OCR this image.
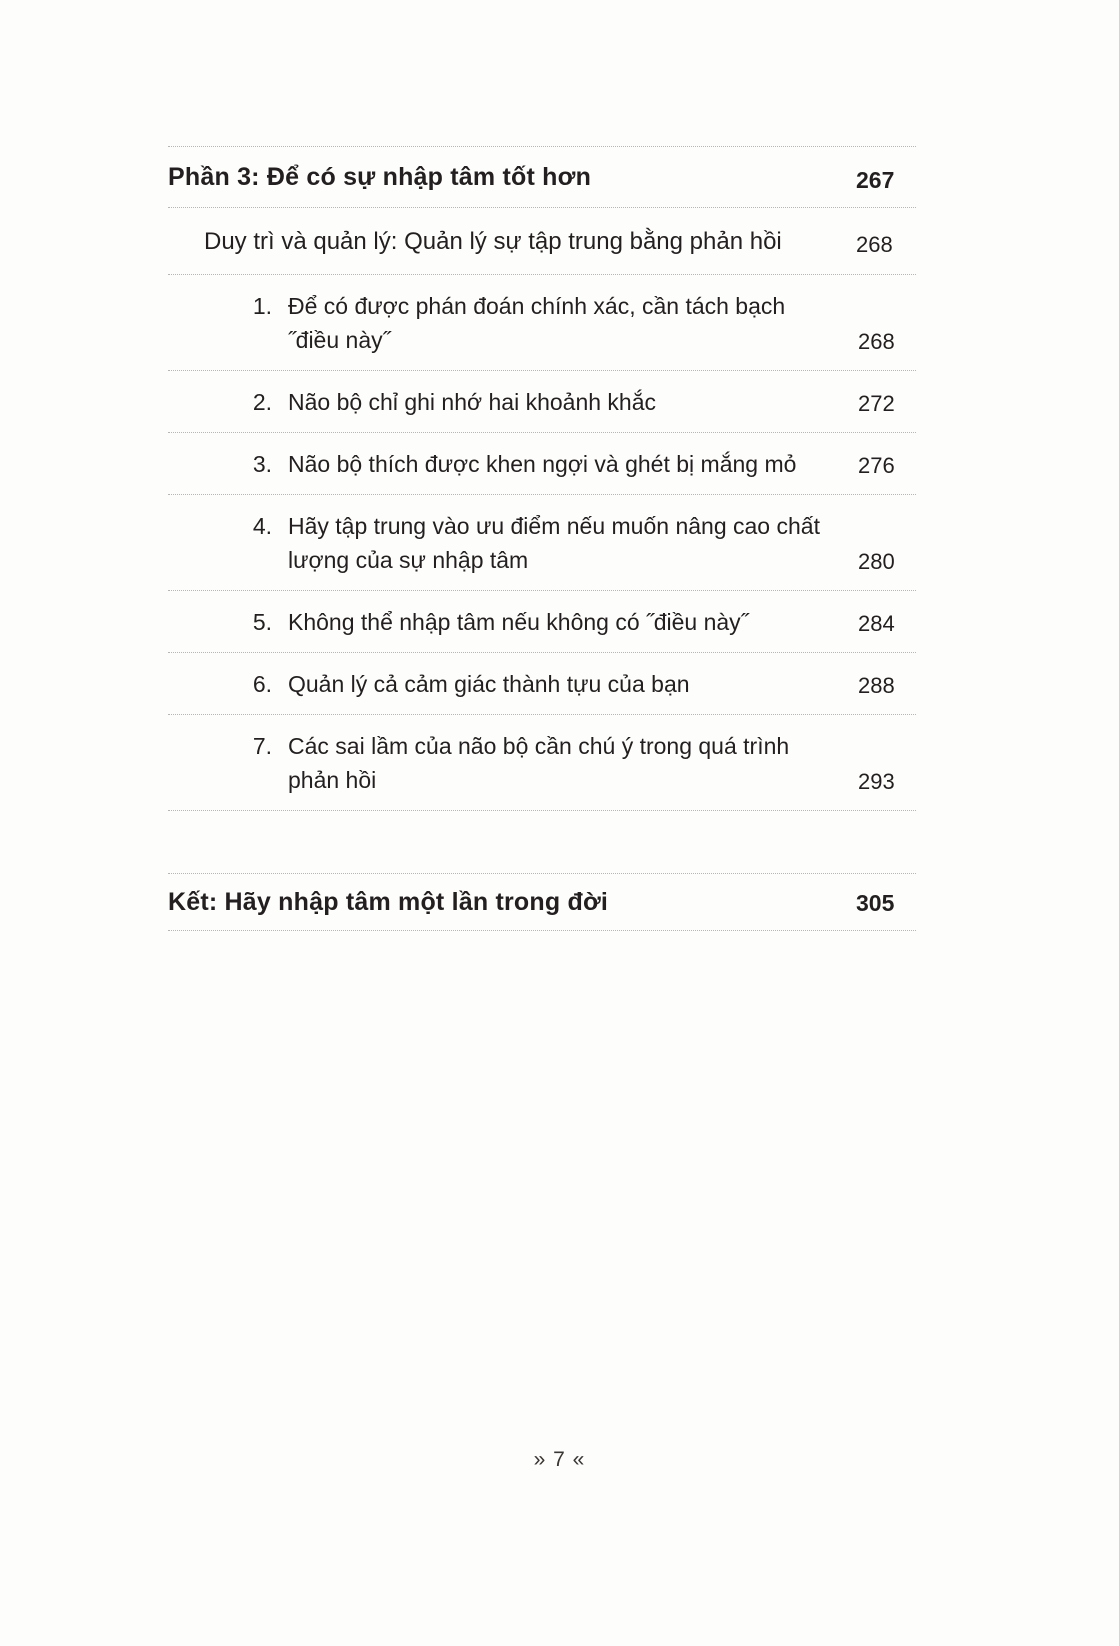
Phần 3: Để có sự nhập tâm tốt hơn	267
Duy trì và quản lý: Quản lý sự tập trung bằng phản hồi	268
1. Để có được phán đoán chính xác, cần tách bạch ˝điều này˝	268
2. Não bộ chỉ ghi nhớ hai khoảnh khắc	272
3. Não bộ thích được khen ngợi và ghét bị mắng mỏ	276
4. Hãy tập trung vào ưu điểm nếu muốn nâng cao chất lượng của sự nhập tâm	280
5. Không thể nhập tâm nếu không có ˝điều này˝	284
6. Quản lý cả cảm giác thành tựu của bạn	288
7. Các sai lầm của não bộ cần chú ý trong quá trình phản hồi	293
Kết: Hãy nhập tâm một lần trong đời	305
» 7 «
